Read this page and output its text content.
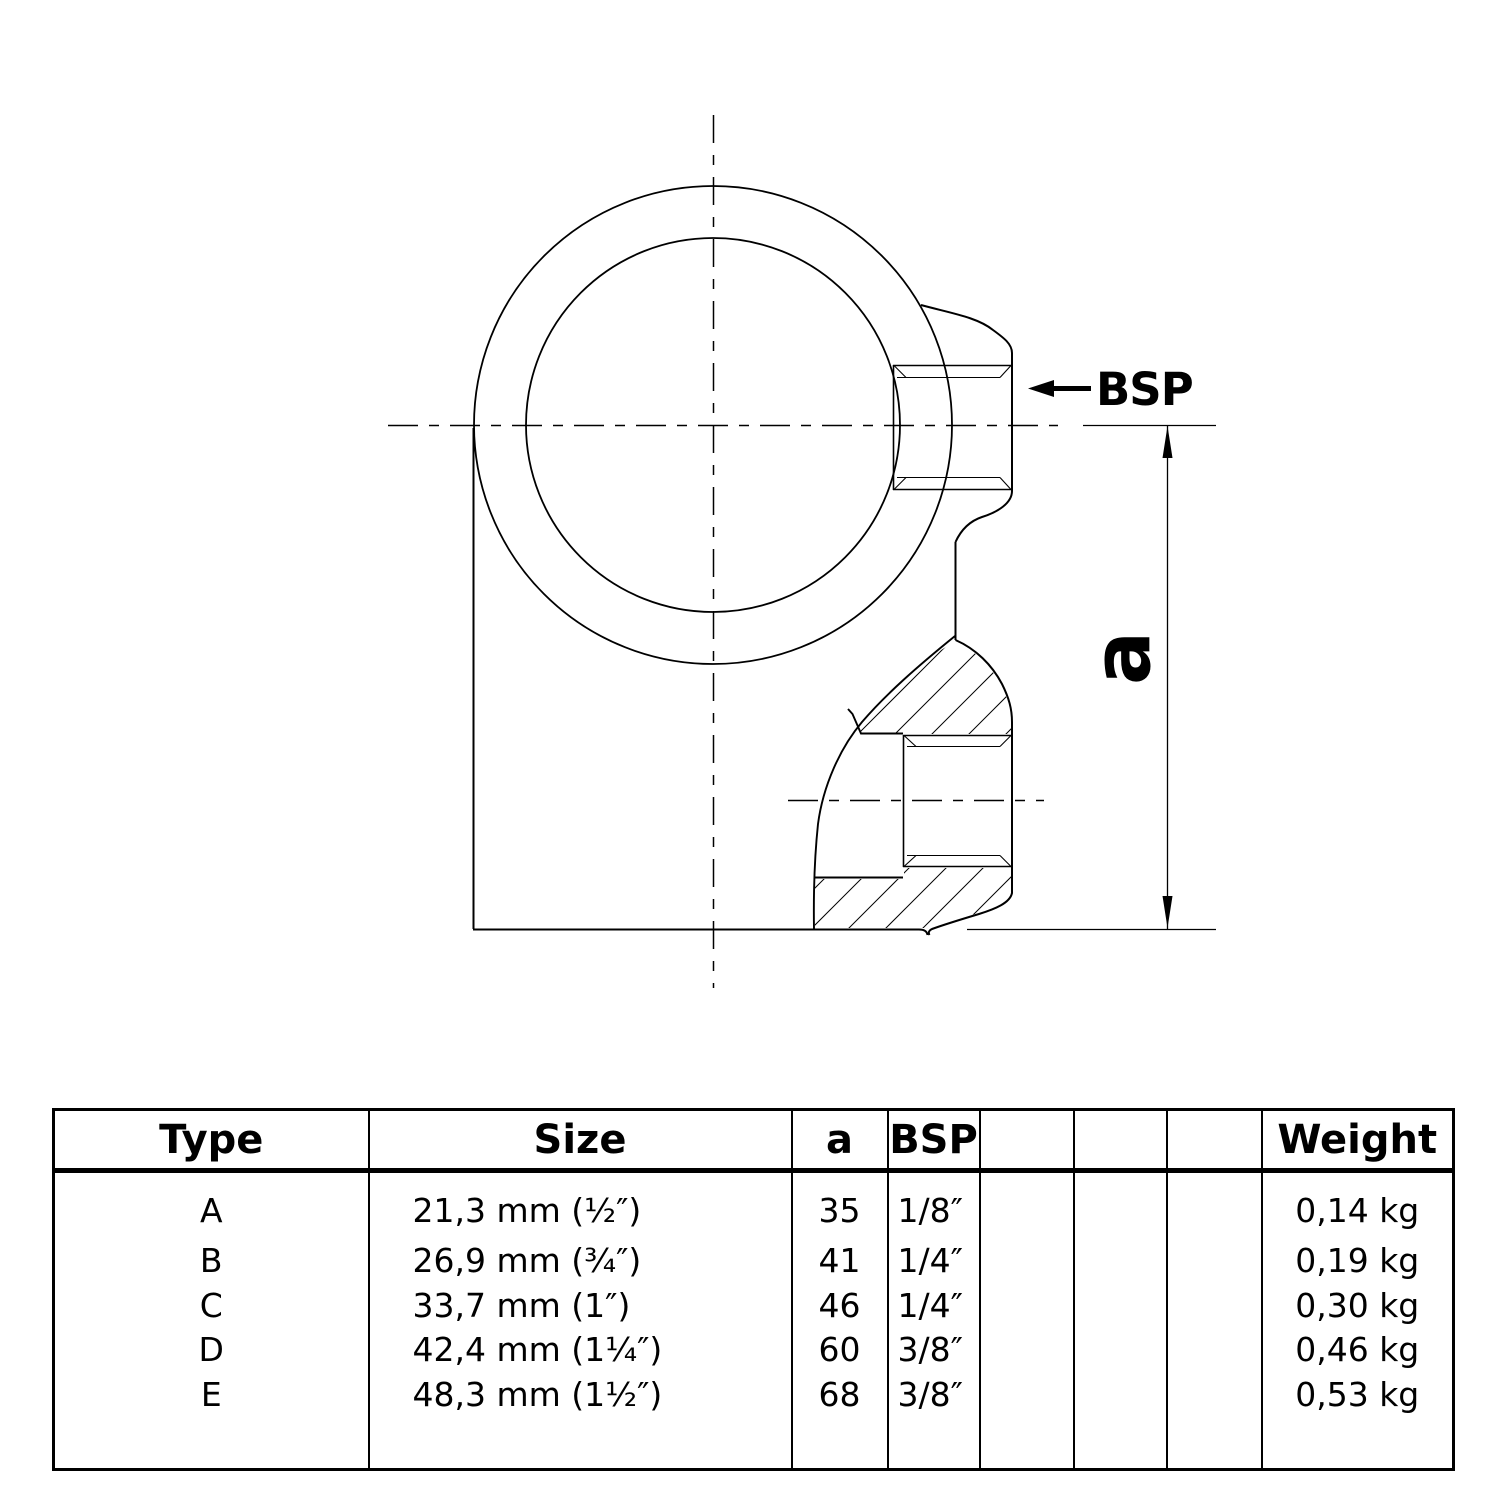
BSP
a
Type	Size	a	BSP				Weight
A	21,3 mm (½″)	35	1/8″				0,14 kg
B	26,9 mm (¾″)	41	1/4″				0,19 kg
C	33,7 mm (1″)	46	1/4″				0,30 kg
D	42,4 mm (1¼″)	60	3/8″				0,46 kg
E	48,3 mm (1½″)	68	3/8″				0,53 kg
